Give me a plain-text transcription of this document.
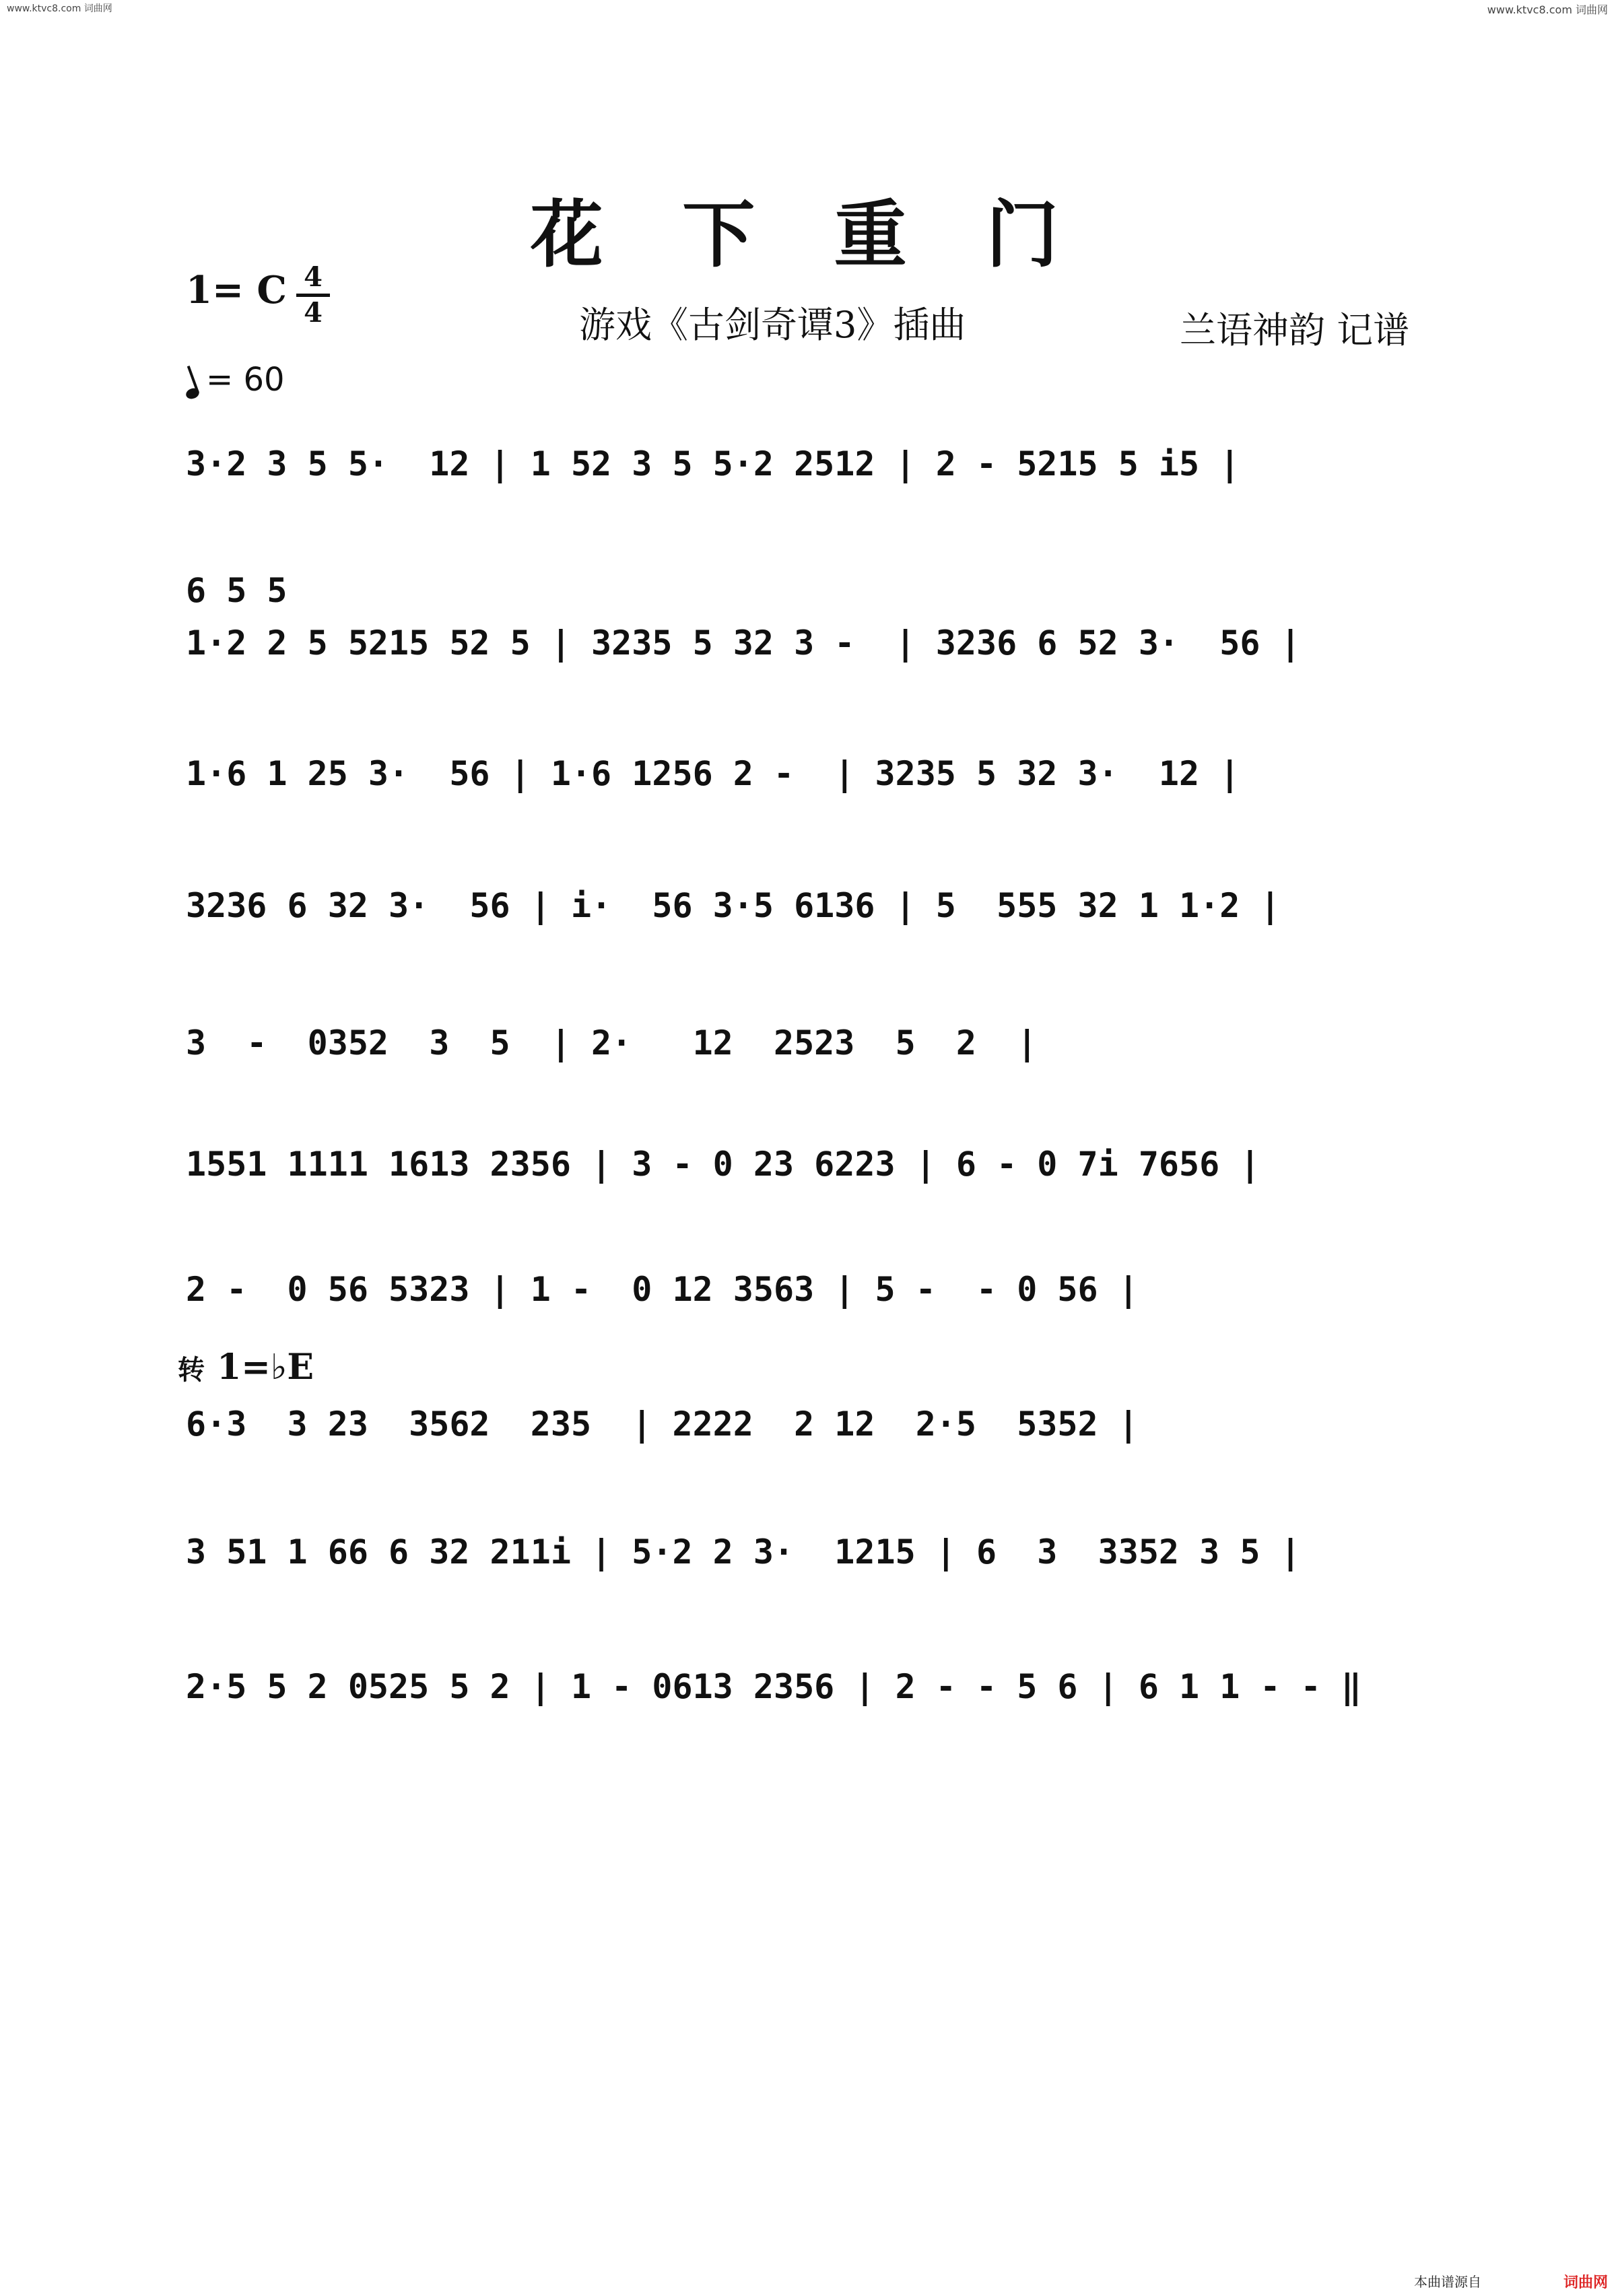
www.ktvc8.com 词曲网	www.ktvc8.com 词曲网
花 下 重 门
1= C 4
4	游戏《古剑奇谭3》插曲	兰语神韵 记谱
= 60
3·2 3 5 5·  12 | 1 52 3 5 5·2 2512 | 2 - 5215 5 i5 |
6 5 5
1·2 2 5 5215 52 5 | 3235 5 32 3 -  | 3236 6 52 3·  56 |
1·6 1 25 3·  56 | 1·6 1256 2 -  | 3235 5 32 3·  12 |
3236 6 32 3·  56 | i·  56 3·5 6136 | 5  555 32 1 1·2 |
3  -  0352  3  5  | 2·   12  2523  5  2  |
1551 1111 1613 2356 | 3 - 0 23 6223 | 6 - 0 7i 7656 |
2 -  0 56 5323 | 1 -  0 12 3563 | 5 -  - 0 56 |
转 1=♭E
6·3  3 23  3562  235  | 2222  2 12  2·5  5352 |
3 51 1 66 6 32 211i | 5·2 2 3·  1215 | 6  3  3352 3 5 |
2·5 5 2 0525 5 2 | 1 - 0613 2356 | 2 - - 5 6 | 6 1 1 - - ‖
本曲谱源自	词曲网
